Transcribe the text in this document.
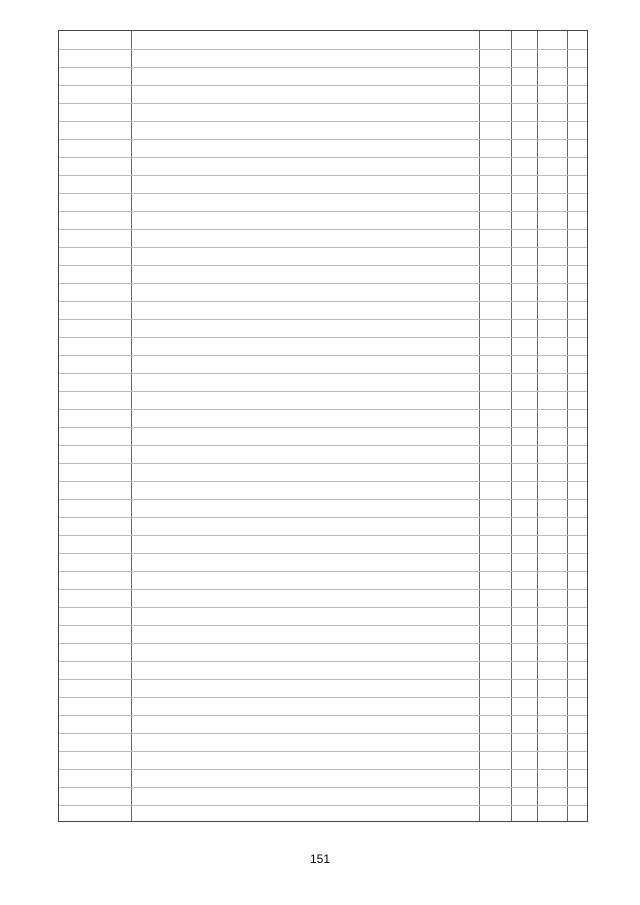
151
